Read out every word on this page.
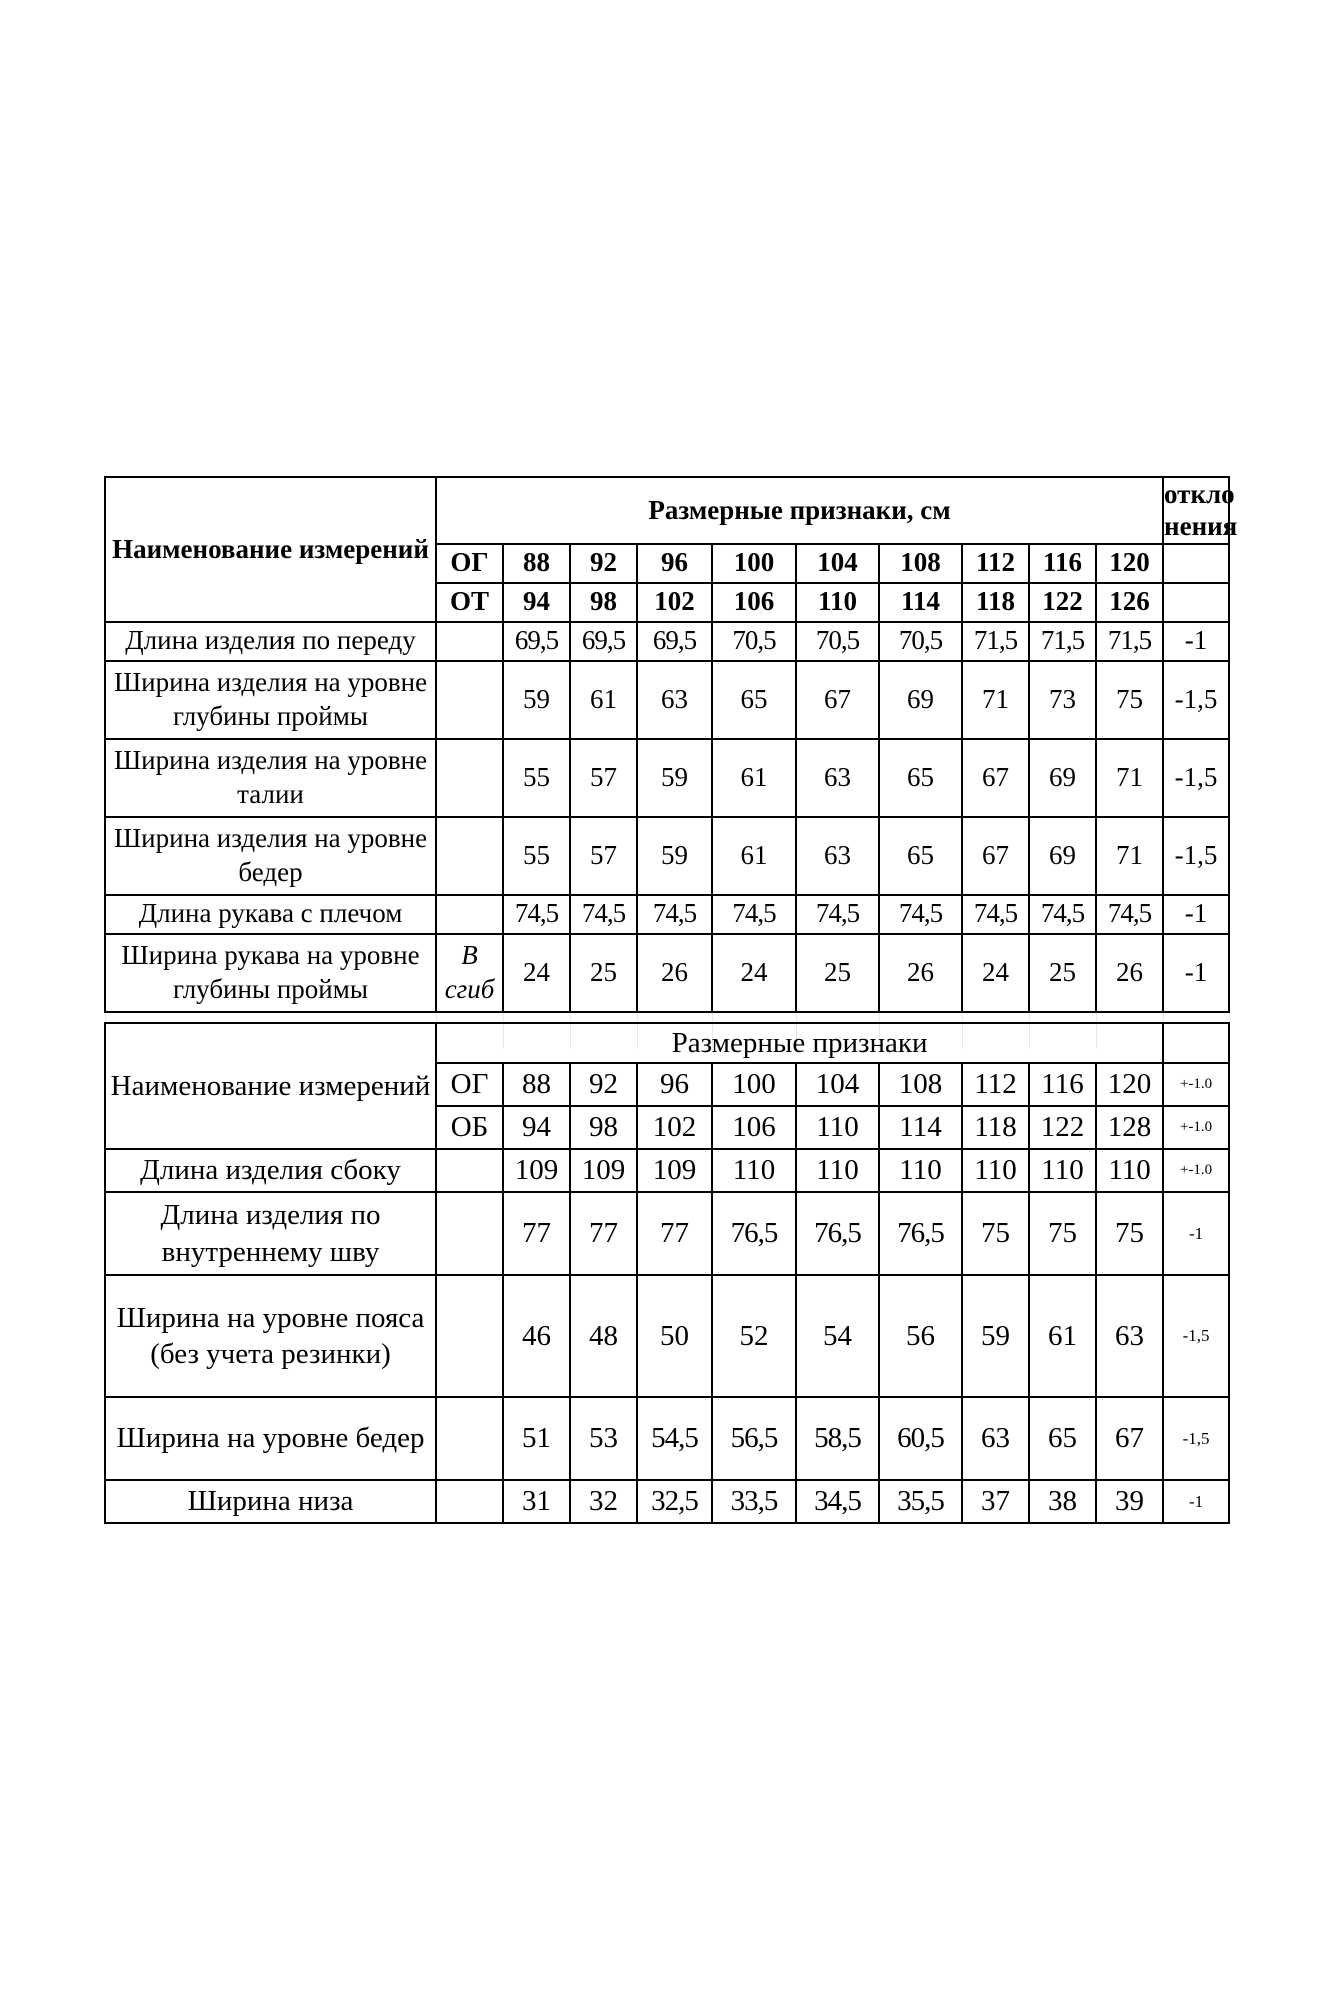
Наименование измерений	Размерные признаки, см										откло нения
	ОГ	88	92	96	100	104	108	112	116	120	
	ОТ	94	98	102	106	110	114	118	122	126	
Длина изделия по переду		69,5	69,5	69,5	70,5	70,5	70,5	71,5	71,5	71,5	-1
Ширина изделия на уровне глубины проймы		59	61	63	65	67	69	71	73	75	-1,5
Ширина изделия на уровне талии		55	57	59	61	63	65	67	69	71	-1,5
Ширина изделия на уровне бедер		55	57	59	61	63	65	67	69	71	-1,5
Длина рукава с плечом		74,5	74,5	74,5	74,5	74,5	74,5	74,5	74,5	74,5	-1
Ширина рукава на уровне глубины проймы	В сгиб	24	25	26	24	25	26	24	25	26	-1

Наименование измерений	Размерные признаки										
	ОГ	88	92	96	100	104	108	112	116	120	+-1.0
	ОБ	94	98	102	106	110	114	118	122	128	+-1.0
Длина изделия сбоку		109	109	109	110	110	110	110	110	110	+-1.0
Длина изделия по внутреннему шву		77	77	77	76,5	76,5	76,5	75	75	75	-1
Ширина на уровне пояса (без учета резинки)		46	48	50	52	54	56	59	61	63	-1,5
Ширина на уровне бедер		51	53	54,5	56,5	58,5	60,5	63	65	67	-1,5
Ширина низа		31	32	32,5	33,5	34,5	35,5	37	38	39	-1
